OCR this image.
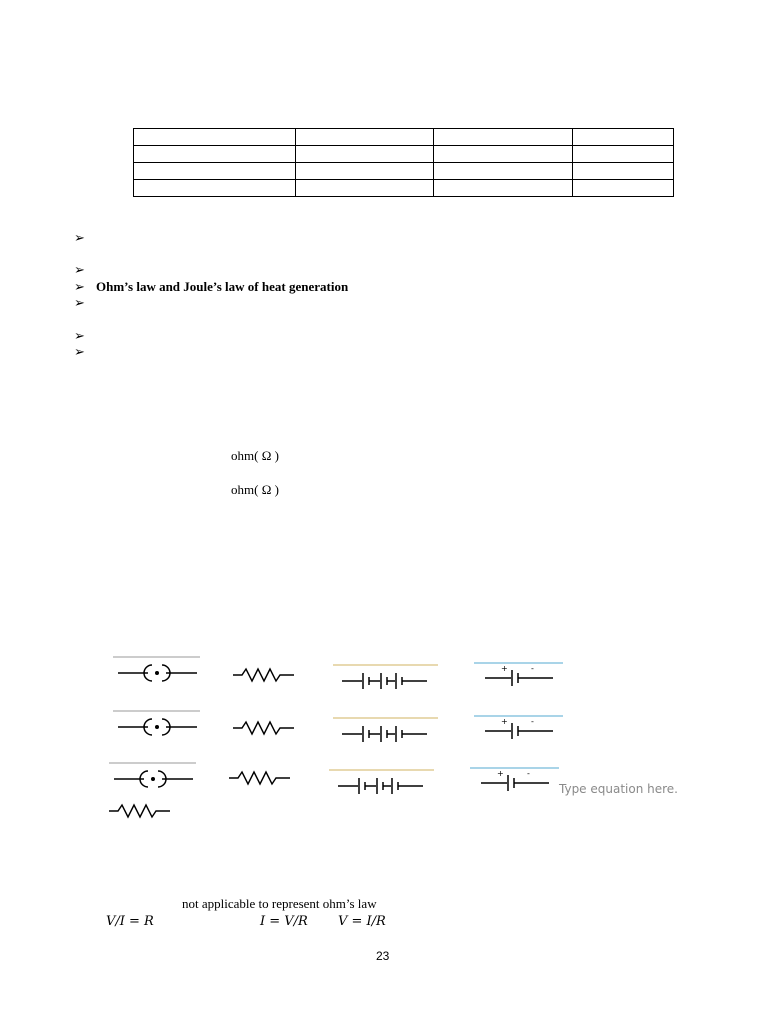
➢
➢
➢ Ohm’s law and Joule’s law of heat generation
➢
➢
➢
ohm( Ω )
ohm( Ω )
+	-
+	-
+	-
Type equation here.
not applicable to represent ohm’s law
V/I = R	I = V/R V = I/R
23
